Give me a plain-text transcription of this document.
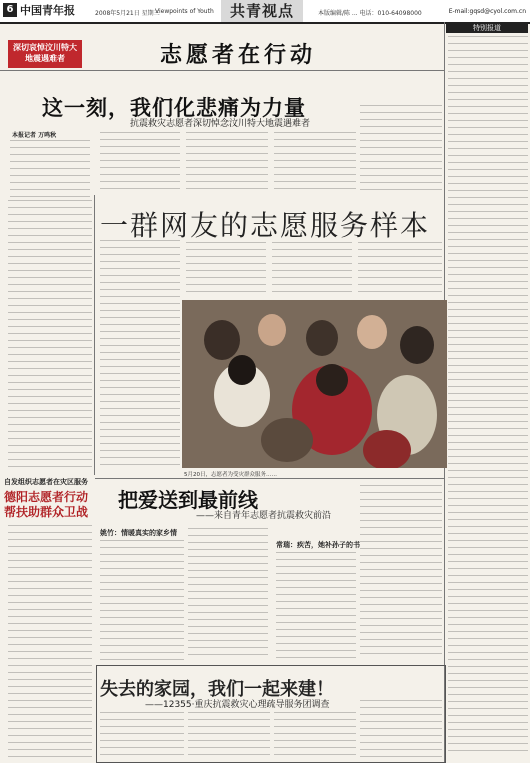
6 中国青年报	2008年5月21日 星期三
Viewpoints of Youth	共青视点	本版编辑/陈 ... 电话：010-64098000	E-mail:gqsd@cyol.com.cn
深切哀悼汶川特大
地震遇难者	志愿者在行动
这一刻，我们化悲痛为力量
抗震救灾志愿者深切悼念汶川特大地震遇难者
本报记者 万鸣秋
特别报道
一群网友的志愿服务样本
5月20日，志愿者为受灾群众服务……
自发组织志愿者在灾区服务
德阳志愿者行动帮扶助群众卫战 把爱送到最前线
——来自青年志愿者抗震救灾前沿
姚竹：情暖真实的家乡情
常瑞：疾苦，她补孙子的书
失去的家园，我们一起来建！
——12355·重庆抗震救灾心理疏导服务团调查
